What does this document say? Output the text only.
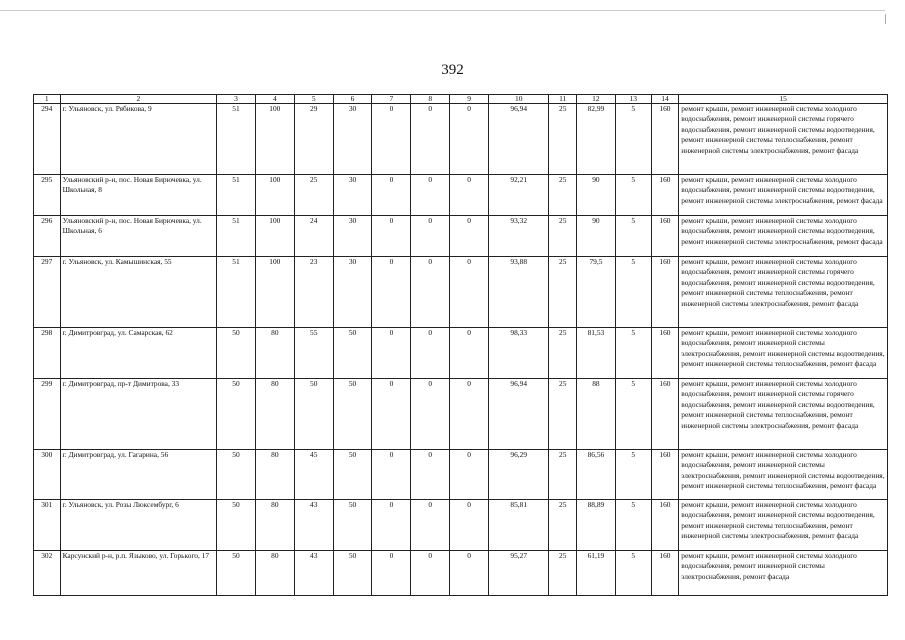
392
1	2	3	4	5	6	7	8	9	10	11	12	13	14	15
294	г. Ульяновск, ул. Рябикова, 9	51	100	29	30	0	0	0	96,94	25	82,99	5	160	ремонт крыши, ремонт инженерной системы холодного водоснабжения, ремонт инженерной системы горячего водоснабжения, ремонт инженерной системы водоотведения, ремонт инженерной системы теплоснабжения, ремонт инженерной системы электроснабжения, ремонт фасада
295	Ульяновский р-н, пос. Новая Бирючевка, ул. Школьная, 8	51	100	25	30	0	0	0	92,21	25	90	5	160	ремонт крыши, ремонт инженерной системы холодного водоснабжения, ремонт инженерной системы водоотведения, ремонт инженерной системы электроснабжения, ремонт фасада
296	Ульяновский р-н, пос. Новая Бирючевка, ул. Школьная, 6	51	100	24	30	0	0	0	93,32	25	90	5	160	ремонт крыши, ремонт инженерной системы холодного водоснабжения, ремонт инженерной системы водоотведения, ремонт инженерной системы электроснабжения, ремонт фасада
297	г. Ульяновск, ул. Камышинская, 55	51	100	23	30	0	0	0	93,88	25	79,5	5	160	ремонт крыши, ремонт инженерной системы холодного водоснабжения, ремонт инженерной системы горячего водоснабжения, ремонт инженерной системы водоотведения, ремонт инженерной системы теплоснабжения, ремонт инженерной системы электроснабжения, ремонт фасада
298	г. Димитровград, ул. Самарская, 62	50	80	55	50	0	0	0	98,33	25	81,53	5	160	ремонт крыши, ремонт инженерной системы холодного водоснабжения, ремонт инженерной системы электроснабжения, ремонт инженерной системы водоотведения, ремонт инженерной системы теплоснабжения, ремонт фасада
299	г. Димитровград, пр-т Димитрова, 33	50	80	50	50	0	0	0	96,94	25	88	5	160	ремонт крыши, ремонт инженерной системы холодного водоснабжения, ремонт инженерной системы горячего водоснабжения, ремонт инженерной системы водоотведения, ремонт инженерной системы теплоснабжения, ремонт инженерной системы электроснабжения, ремонт фасада
300	г. Димитровград, ул. Гагарина, 56	50	80	45	50	0	0	0	96,29	25	86,56	5	160	ремонт крыши, ремонт инженерной системы холодного водоснабжения, ремонт инженерной системы электроснабжения, ремонт инженерной системы водоотведения, ремонт инженерной системы теплоснабжения, ремонт фасада
301	г. Ульяновск, ул. Розы Люксембург, 6	50	80	43	50	0	0	0	85,81	25	88,89	5	160	ремонт крыши, ремонт инженерной системы холодного водоснабжения, ремонт инженерной системы водоотведения, ремонт инженерной системы теплоснабжения, ремонт инженерной системы электроснабжения, ремонт фасада
302	Карсунский р-н, р.п. Языково, ул. Горького, 17	50	80	43	50	0	0	0	95,27	25	61,19	5	160	ремонт крыши, ремонт инженерной системы холодного водоснабжения, ремонт инженерной системы электроснабжения, ремонт фасада
